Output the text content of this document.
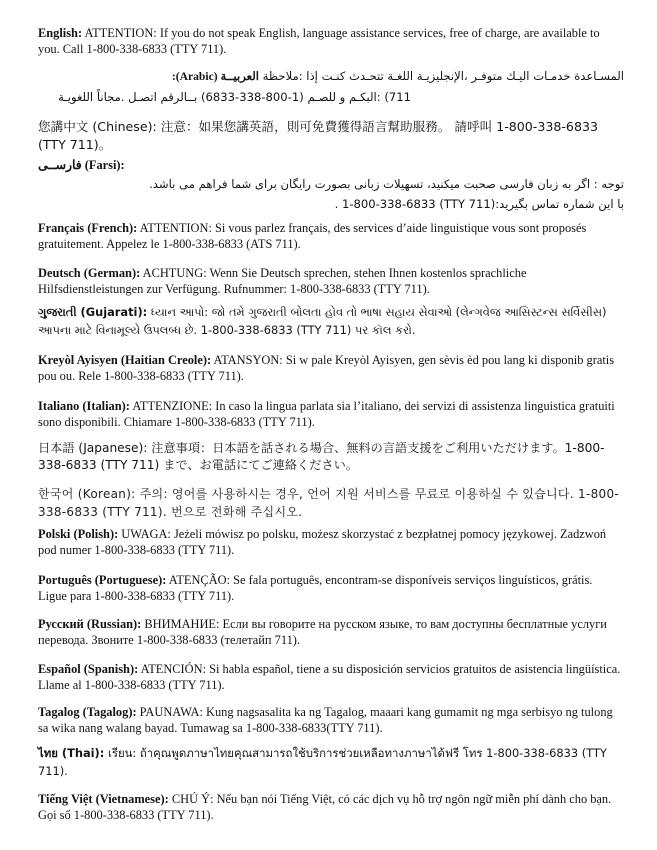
English: ATTENTION: If you do not speak English, language assistance services, free of charge, are available to you. Call 1-800-338-6833 (TTY 711).

المسـاعدة خدمـات اليـك متوفـر ،الإنجليزيـة اللغـة تتحـدث كنـت إذا :ملاحظة العربيــة (Arabic):

711) :البكـم و للصـم (1-800-338-6833) بــالرقم اتصـل .مجاناً اللغويـة

您講中文 (Chinese): 注意：如果您講英語，則可免費獲得語言幫助服務。 請呼叫 1-800-338-6833 (TTY 711)。

فارســى (Farsi):

توجه : اگر به زبان فارسی صحبت میکنید، تسهیلات زبانی بصورت رایگان برای شما فراهم می باشد.

با این شماره تماس بگیرید:(TTY 711) 1-800-338-6833 .

Français (French): ATTENTION: Si vous parlez français, des services d’aide linguistique vous sont proposés gratuitement. Appelez le 1-800-338-6833 (ATS 711).

Deutsch (German): ACHTUNG: Wenn Sie Deutsch sprechen, stehen Ihnen kostenlos sprachliche Hilfsdienstleistungen zur Verfügung. Rufnummer: 1-800-338-6833 (TTY 711).

ગુજરાતી (Gujarati): ધ્યાન આપો: જો તમે ગુજરાતી બોલતા હોવ તો ભાષા સહાય સેવાઓ (લેન્ગવેજ આસિસ્ટન્સ સર્વિસીસ) આપના માટે વિનામૂલ્યે ઉપલબ્ધ છે. 1-800-338-6833 (TTY 711) પર કૉલ કરો.

Kreyòl Ayisyen (Haitian Creole): ATANSYON: Si w pale Kreyòl Ayisyen, gen sèvis èd pou lang ki disponib gratis pou ou. Rele 1-800-338-6833 (TTY 711).

Italiano (Italian): ATTENZIONE: In caso la lingua parlata sia l’italiano, dei servizi di assistenza linguistica gratuiti sono disponibili. Chiamare 1-800-338-6833 (TTY 711).

日本語 (Japanese): 注意事項：日本語を話される場合、無料の言語支援をご利用いただけます。1-800-338-6833 (TTY 711) まで、お電話にてご連絡ください。

한국어 (Korean): 주의: 영어를 사용하시는 경우, 언어 지원 서비스를 무료로 이용하실 수 있습니다. 1-800-338-6833 (TTY 711). 번으로 전화해 주십시오.

Polski (Polish): UWAGA: Jeżeli mówisz po polsku, możesz skorzystać z bezpłatnej pomocy językowej. Zadzwoń pod numer 1-800-338-6833 (TTY 711).

Português (Portuguese): ATENÇÃO: Se fala português, encontram-se disponíveis serviços linguísticos, grátis. Ligue para 1-800-338-6833 (TTY 711).

Русский (Russian): ВНИМАНИЕ: Если вы говорите на русском языке, то вам доступны бесплатные услуги перевода. Звоните 1-800-338-6833 (телетайп 711).

Español (Spanish): ATENCIÓN: Si habla español, tiene a su disposición servicios gratuitos de asistencia lingüística. Llame al 1-800-338-6833 (TTY 711).

Tagalog (Tagalog): PAUNAWA: Kung nagsasalita ka ng Tagalog, maaari kang gumamit ng mga serbisyo ng tulong sa wika nang walang bayad. Tumawag sa 1-800-338-6833(TTY 711).

ไทย (Thai): เรียน: ถ้าคุณพูดภาษาไทยคุณสามารถใช้บริการช่วยเหลือทางภาษาได้ฟรี โทร 1-800-338-6833 (TTY 711).

Tiếng Việt (Vietnamese): CHÚ Ý: Nếu bạn nói Tiếng Việt, có các dịch vụ hỗ trợ ngôn ngữ miễn phí dành cho bạn. Gọi số 1-800-338-6833 (TTY 711).
